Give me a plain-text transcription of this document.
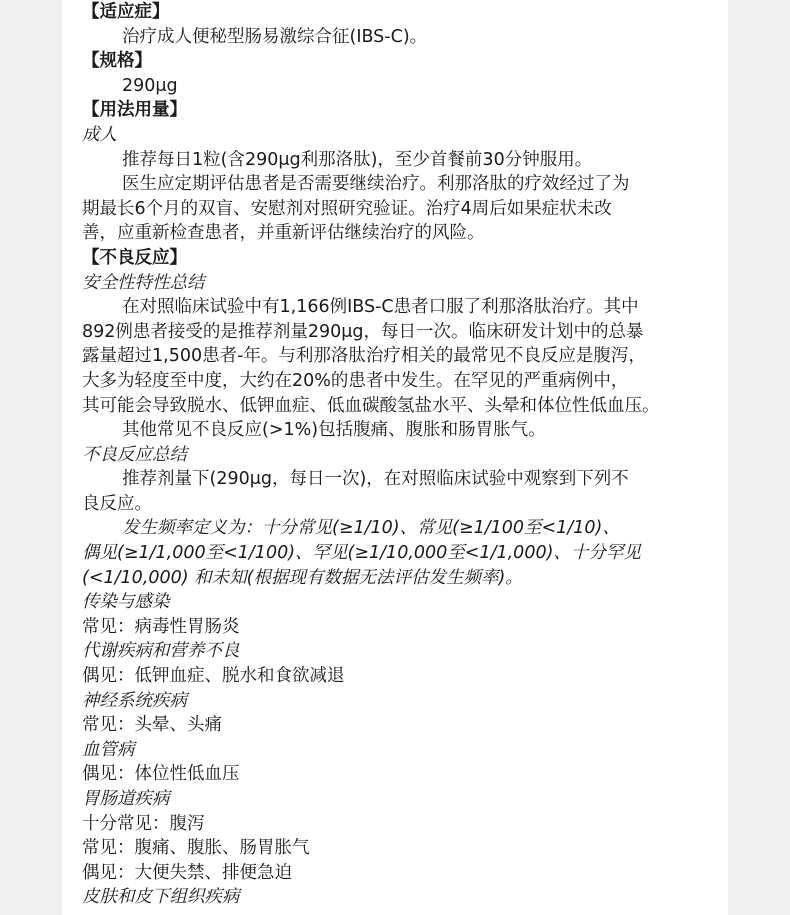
【适应症】
治疗成人便秘型肠易激综合征(IBS-C)。
【规格】
290μg
【用法用量】
成人
推荐每日1粒(含290μg利那洛肽)，至少首餐前30分钟服用。
医生应定期评估患者是否需要继续治疗。利那洛肽的疗效经过了为
期最长6个月的双盲、安慰剂对照研究验证。治疗4周后如果症状未改
善，应重新检查患者，并重新评估继续治疗的风险。
【不良反应】
安全性特性总结
在对照临床试验中有1,166例IBS-C患者口服了利那洛肽治疗。其中
892例患者接受的是推荐剂量290μg，每日一次。临床研发计划中的总暴
露量超过1,500患者-年。与利那洛肽治疗相关的最常见不良反应是腹泻，
大多为轻度至中度，大约在20%的患者中发生。在罕见的严重病例中，
其可能会导致脱水、低钾血症、低血碳酸氢盐水平、头晕和体位性低血压。
其他常见不良反应(>1%)包括腹痛、腹胀和肠胃胀气。
不良反应总结
推荐剂量下(290μg，每日一次)，在对照临床试验中观察到下列不
良反应。
发生频率定义为：十分常见(≥1/10)、常见(≥1/100至<1/10)、
偶见(≥1/1,000至<1/100)、罕见(≥1/10,000至<1/1,000)、十分罕见
(<1/10,000) 和未知(根据现有数据无法评估发生频率)。
传染与感染
常见：病毒性胃肠炎
代谢疾病和营养不良
偶见：低钾血症、脱水和食欲减退
神经系统疾病
常见：头晕、头痛
血管病
偶见：体位性低血压
胃肠道疾病
十分常见：腹泻
常见：腹痛、腹胀、肠胃胀气
偶见：大便失禁、排便急迫
皮肤和皮下组织疾病
